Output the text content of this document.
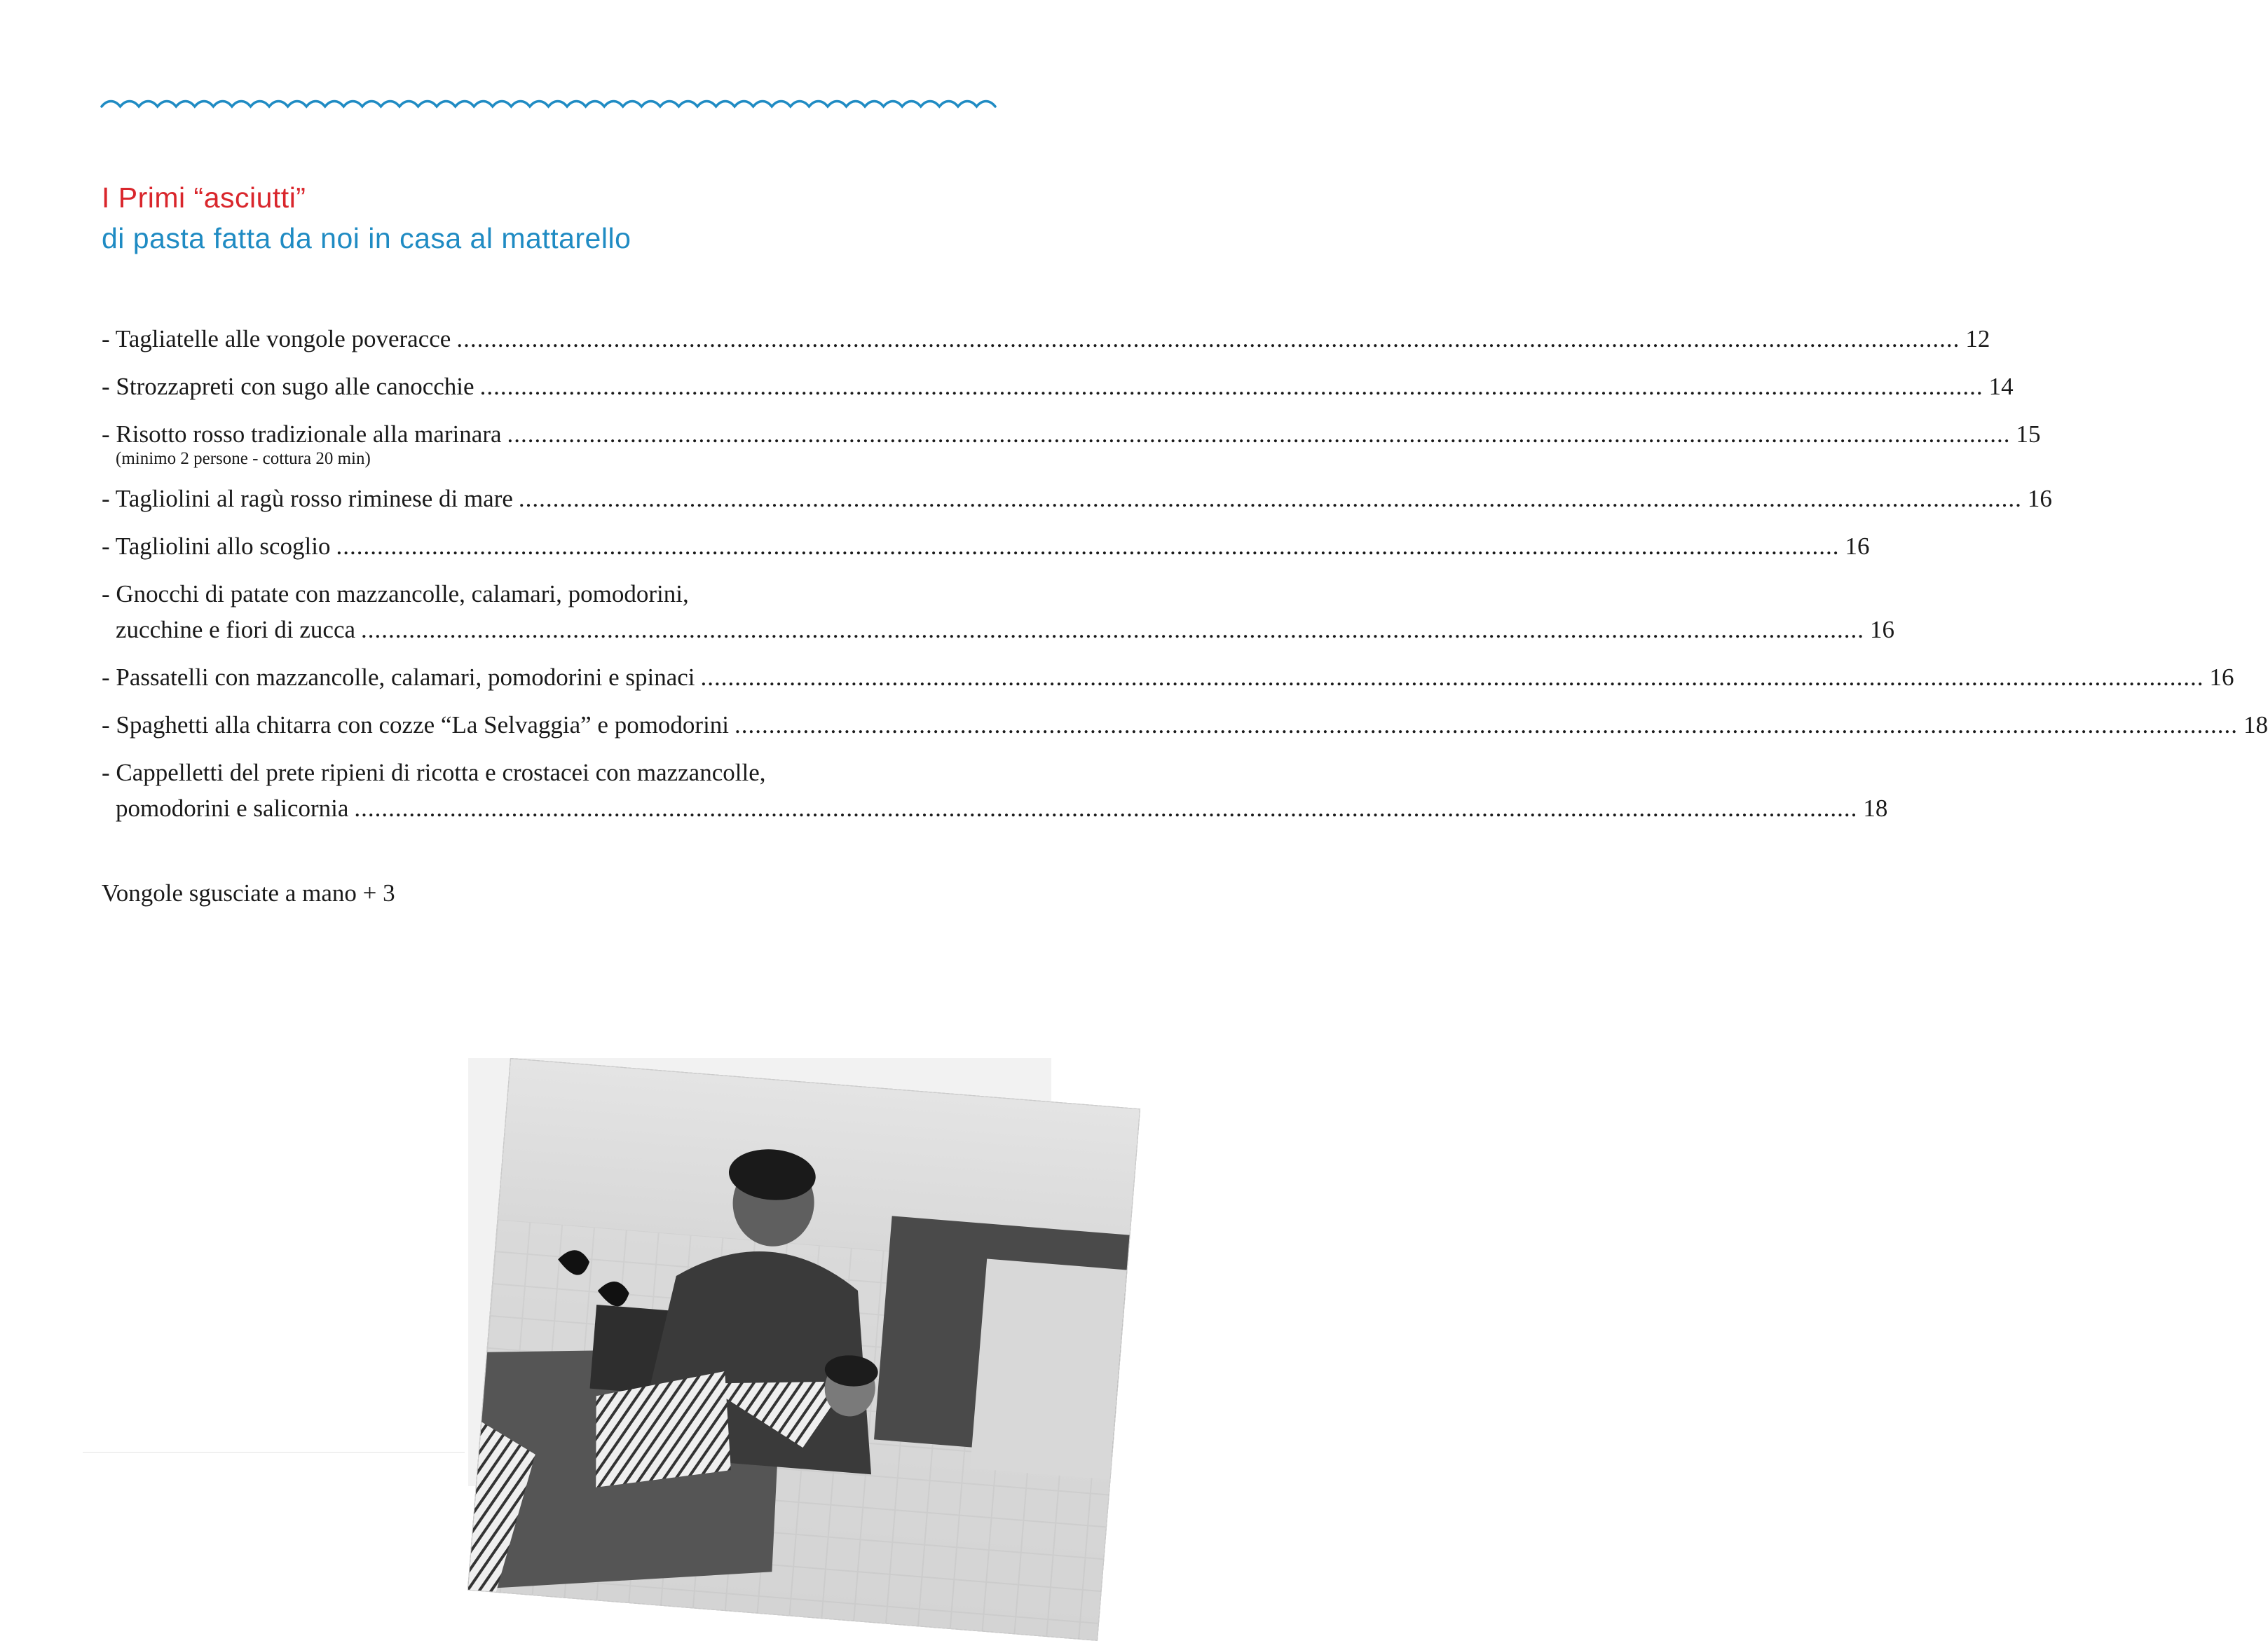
I Primi “asciutti”
di pasta fatta da noi in casa al mattarello
- Tagliatelle alle vongole poveracce ............................................................................................................................................................................................................................ 12
- Strozzapreti con sugo alle canocchie ............................................................................................................................................................................................................................ 14
- Risotto rosso tradizionale alla marinara ............................................................................................................................................................................................................................ 15
(minimo 2 persone - cottura 20 min)
- Tagliolini al ragù rosso riminese di mare ............................................................................................................................................................................................................................ 16
- Tagliolini allo scoglio ............................................................................................................................................................................................................................ 16
- Gnocchi di patate con mazzancolle, calamari, pomodorini,
zucchine e fiori di zucca ............................................................................................................................................................................................................................ 16
- Passatelli con mazzancolle, calamari, pomodorini e spinaci ............................................................................................................................................................................................................................ 16
- Spaghetti alla chitarra con cozze “La Selvaggia” e pomodorini ............................................................................................................................................................................................................................ 18
- Cappelletti del prete ripieni di ricotta e crostacei con mazzancolle,
pomodorini e salicornia ............................................................................................................................................................................................................................ 18
Vongole sgusciate a mano + 3
